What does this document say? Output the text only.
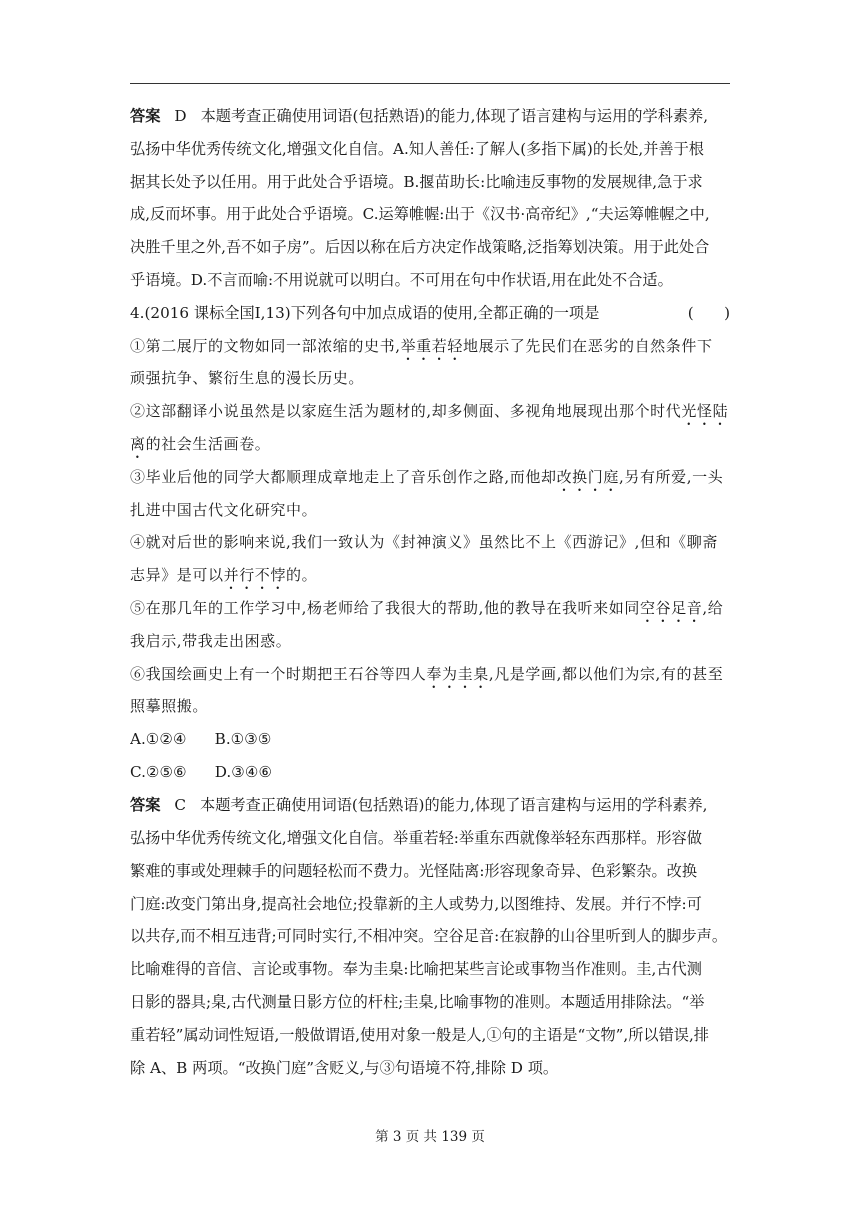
答案 D 本题考查正确使用词语(包括熟语)的能力,体现了语言建构与运用的学科素养,
弘扬中华优秀传统文化,增强文化自信。A.知人善任:了解人(多指下属)的长处,并善于根
据其长处予以任用。用于此处合乎语境。B.揠苗助长:比喻违反事物的发展规律,急于求
成,反而坏事。用于此处合乎语境。C.运筹帷幄:出于《汉书·高帝纪》,“夫运筹帷幄之中,
决胜千里之外,吾不如子房”。后因以称在后方决定作战策略,泛指筹划决策。用于此处合
乎语境。D.不言而喻:不用说就可以明白。不可用在句中作状语,用在此处不合适。
4.(2016 课标全国Ⅰ,13)下列各句中加点成语的使用,全都正确的一项是	(　　)
①第二展厅的文物如同一部浓缩的史书,举重若轻地展示了先民们在恶劣的自然条件下
顽强抗争、繁衍生息的漫长历史。
②这部翻译小说虽然是以家庭生活为题材的,却多侧面、多视角地展现出那个时代光怪陆
离的社会生活画卷。
③毕业后他的同学大都顺理成章地走上了音乐创作之路,而他却改换门庭,另有所爱,一头
扎进中国古代文化研究中。
④就对后世的影响来说,我们一致认为《封神演义》虽然比不上《西游记》,但和《聊斋
志异》是可以并行不悖的。
⑤在那几年的工作学习中,杨老师给了我很大的帮助,他的教导在我听来如同空谷足音,给
我启示,带我走出困惑。
⑥我国绘画史上有一个时期把王石谷等四人奉为圭臬,凡是学画,都以他们为宗,有的甚至
照摹照搬。
A.①②④ B.①③⑤
C.②⑤⑥ D.③④⑥
答案 C 本题考查正确使用词语(包括熟语)的能力,体现了语言建构与运用的学科素养,
弘扬中华优秀传统文化,增强文化自信。举重若轻:举重东西就像举轻东西那样。形容做
繁难的事或处理棘手的问题轻松而不费力。光怪陆离:形容现象奇异、色彩繁杂。改换
门庭:改变门第出身,提高社会地位;投靠新的主人或势力,以图维持、发展。并行不悖:可
以共存,而不相互违背;可同时实行,不相冲突。空谷足音:在寂静的山谷里听到人的脚步声。
比喻难得的音信、言论或事物。奉为圭臬:比喻把某些言论或事物当作准则。圭,古代测
日影的器具;臬,古代测量日影方位的杆柱;圭臬,比喻事物的准则。本题适用排除法。“举
重若轻”属动词性短语,一般做谓语,使用对象一般是人,①句的主语是“文物”,所以错误,排
除 A、B 两项。“改换门庭”含贬义,与③句语境不符,排除 D 项。
第 3 页 共 139 页
